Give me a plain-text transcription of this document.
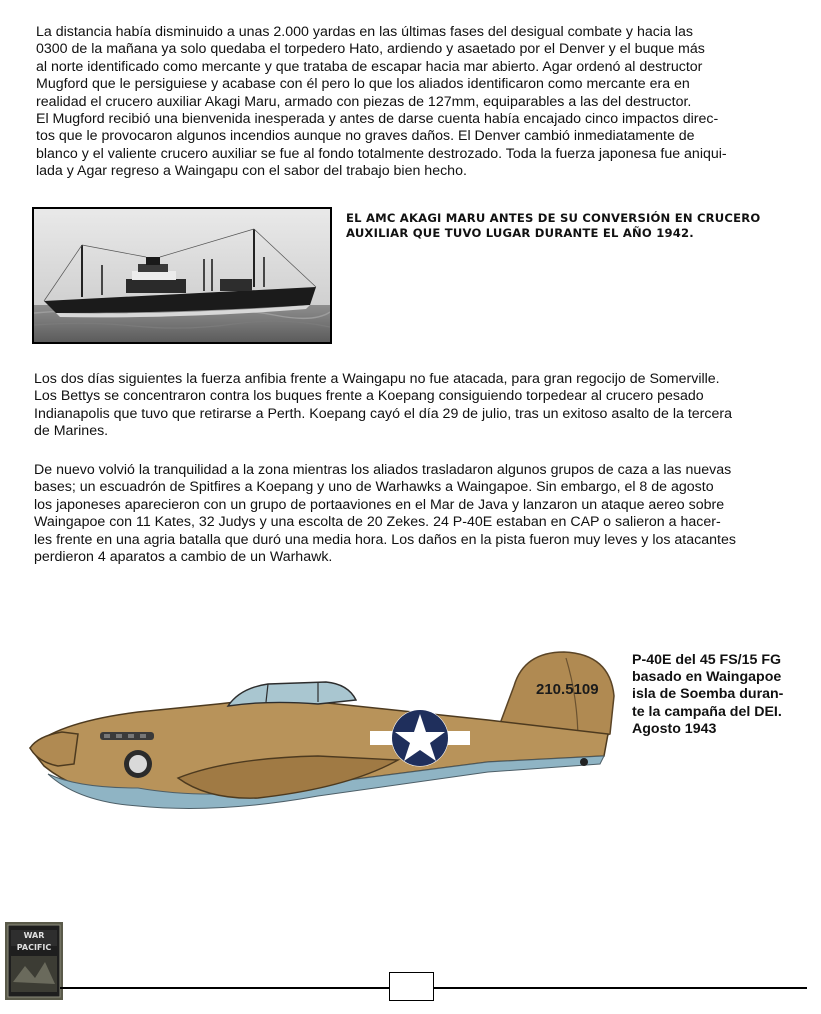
La distancia había disminuido a unas 2.000 yardas en las últimas fases del desigual combate y hacia las
0300 de la mañana ya solo quedaba el torpedero Hato, ardiendo y asaetado por el Denver y el buque más
al norte identificado como mercante y que trataba de escapar hacia mar abierto. Agar ordenó al destructor
Mugford que le persiguiese y acabase con él pero lo que los aliados identificaron como mercante era en
realidad el crucero auxiliar Akagi Maru, armado con piezas de 127mm, equiparables a las del destructor.
El Mugford recibió una bienvenida inesperada y antes de darse cuenta había encajado cinco impactos direc-
tos que le provocaron algunos incendios aunque no graves daños. El Denver cambió inmediatamente de
blanco y el valiente crucero auxiliar se fue al fondo totalmente destrozado. Toda la fuerza japonesa fue aniqui-
lada y Agar regreso a Waingapu con el sabor del trabajo bien hecho.
EL AMC AKAGI MARU ANTES DE SU CONVERSIÓN EN CRUCERO
AUXILIAR QUE TUVO LUGAR DURANTE EL AÑO 1942.
Los dos días siguientes la fuerza anfibia frente a Waingapu no fue atacada, para gran regocijo de Somerville.
Los Bettys se concentraron contra los buques frente a Koepang consiguiendo torpedear al crucero pesado
Indianapolis que tuvo que retirarse a Perth. Koepang cayó el día 29 de julio, tras un exitoso asalto de la tercera
de Marines.
De nuevo volvió la tranquilidad a la zona mientras los aliados trasladaron algunos grupos de caza a las nuevas
bases; un escuadrón de Spitfires a Koepang y uno de Warhawks a Waingapoe. Sin embargo, el 8 de agosto
los japoneses aparecieron con un grupo de portaaviones en el Mar de Java y lanzaron un ataque aereo sobre
Waingapoe con 11 Kates, 32 Judys y una escolta de 20 Zekes. 24 P-40E estaban en CAP o salieron a hacer-
les frente en una agria batalla que duró una media hora. Los daños en la pista fueron muy leves y los atacantes
perdieron 4 aparatos a cambio de un Warhawk.
210.5109
P-40E del 45 FS/15 FG
basado en Waingapoe
isla de Soemba duran-
te la campaña del DEI.
Agosto 1943
WAR
PACIFIC
